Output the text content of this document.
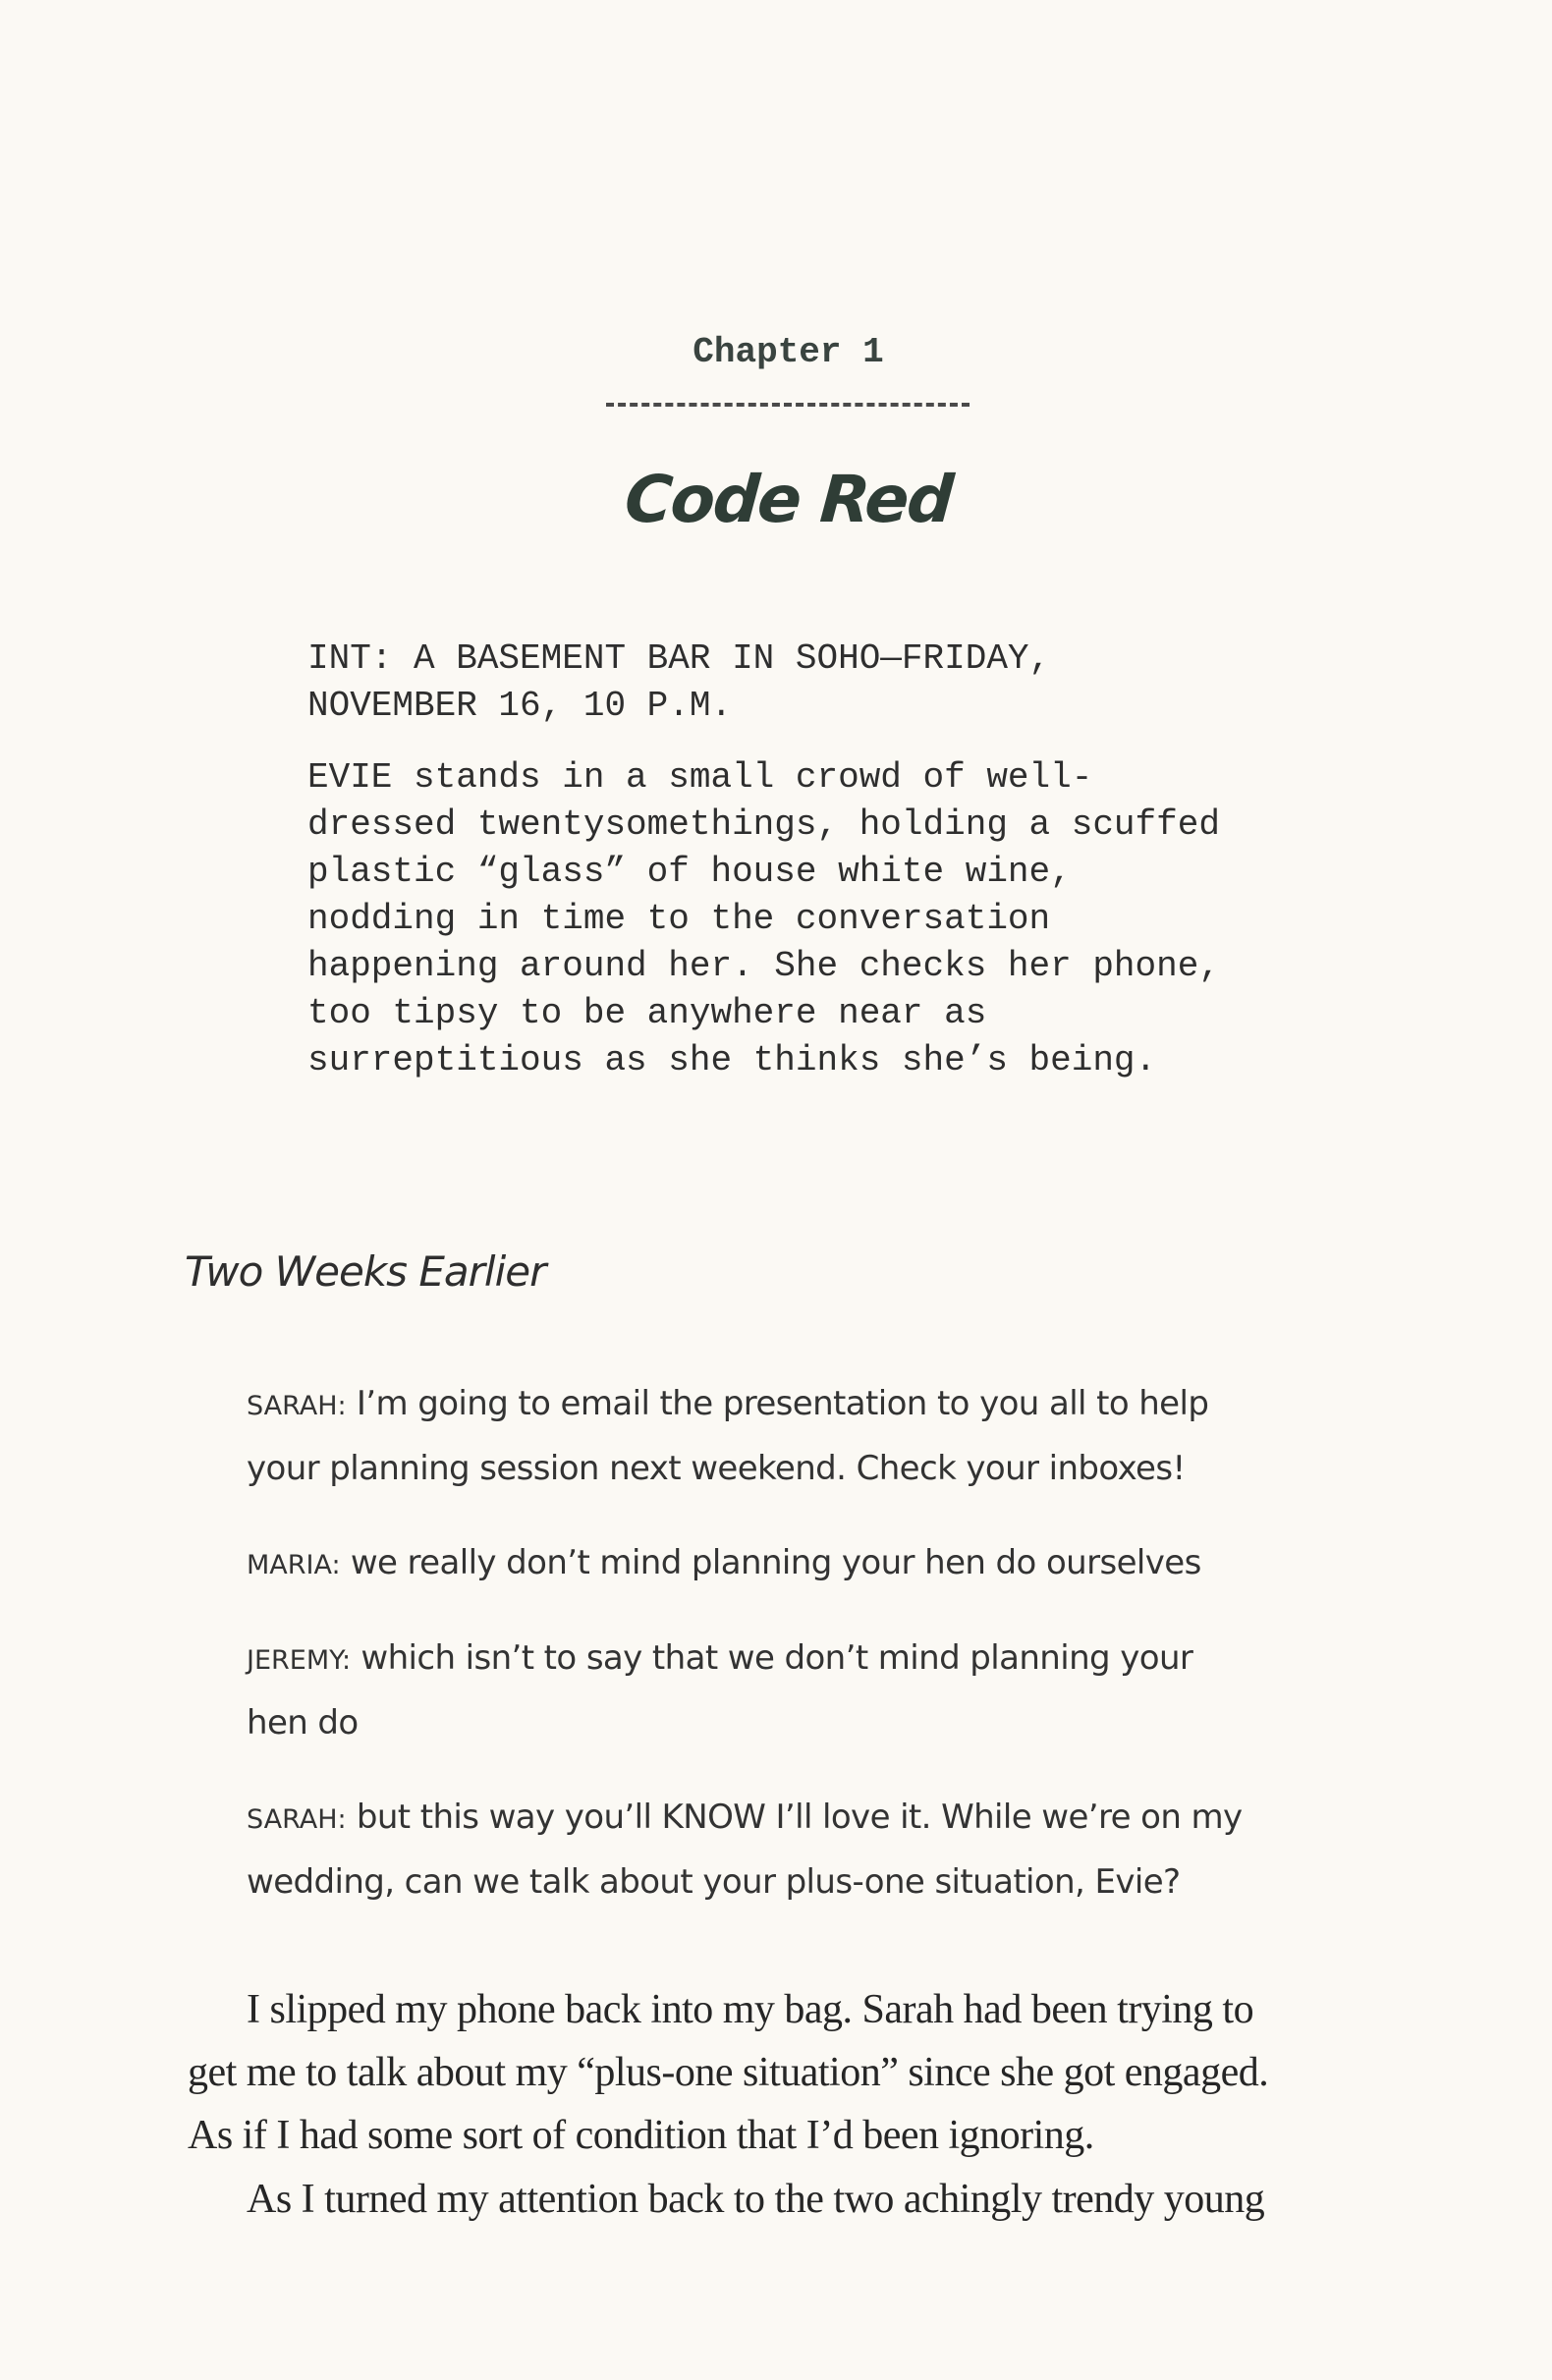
Chapter 1
Code Red
INT: A BASEMENT BAR IN SOHO—FRIDAY,
NOVEMBER 16, 10 P.M.
EVIE stands in a small crowd of well-
dressed twentysomethings, holding a scuffed
plastic “glass” of house white wine,
nodding in time to the conversation
happening around her. She checks her phone,
too tipsy to be anywhere near as
surreptitious as she thinks she’s being.
Two Weeks Earlier
SARAH: I’m going to email the presentation to you all to help
your planning session next weekend. Check your inboxes!
MARIA: we really don’t mind planning your hen do ourselves
JEREMY: which isn’t to say that we don’t mind planning your
hen do
SARAH: but this way you’ll KNOW I’ll love it. While we’re on my
wedding, can we talk about your plus-one situation, Evie?
I slipped my phone back into my bag. Sarah had been trying to
get me to talk about my “plus-one situation” since she got engaged.
As if I had some sort of condition that I’d been ignoring.
As I turned my attention back to the two achingly trendy young
